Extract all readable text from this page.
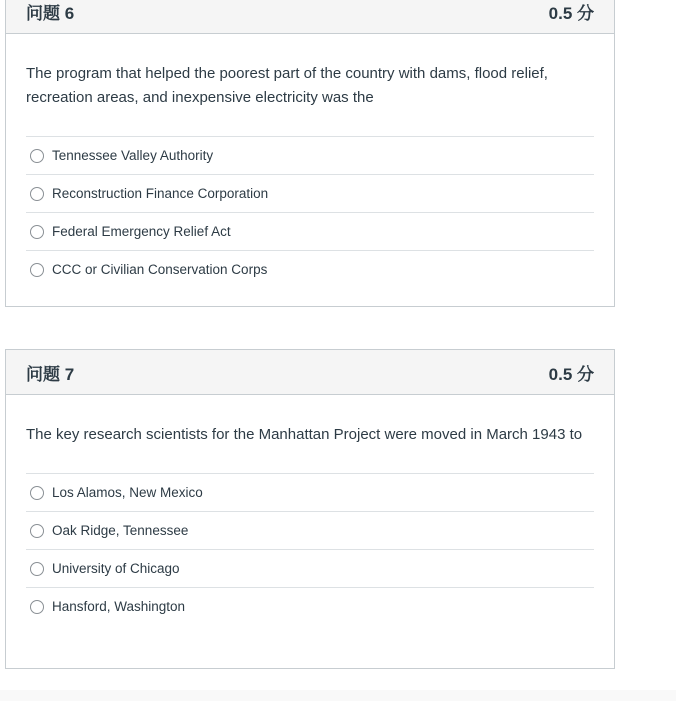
问题 6	0.5 分

The program that helped the poorest part of the country with dams, flood relief, recreation areas, and inexpensive electricity was the

Tennessee Valley Authority
Reconstruction Finance Corporation
Federal Emergency Relief Act
CCC or Civilian Conservation Corps
问题 7	0.5 分

The key research scientists for the Manhattan Project were moved in March 1943 to

Los Alamos, New Mexico
Oak Ridge, Tennessee
University of Chicago
Hansford, Washington
